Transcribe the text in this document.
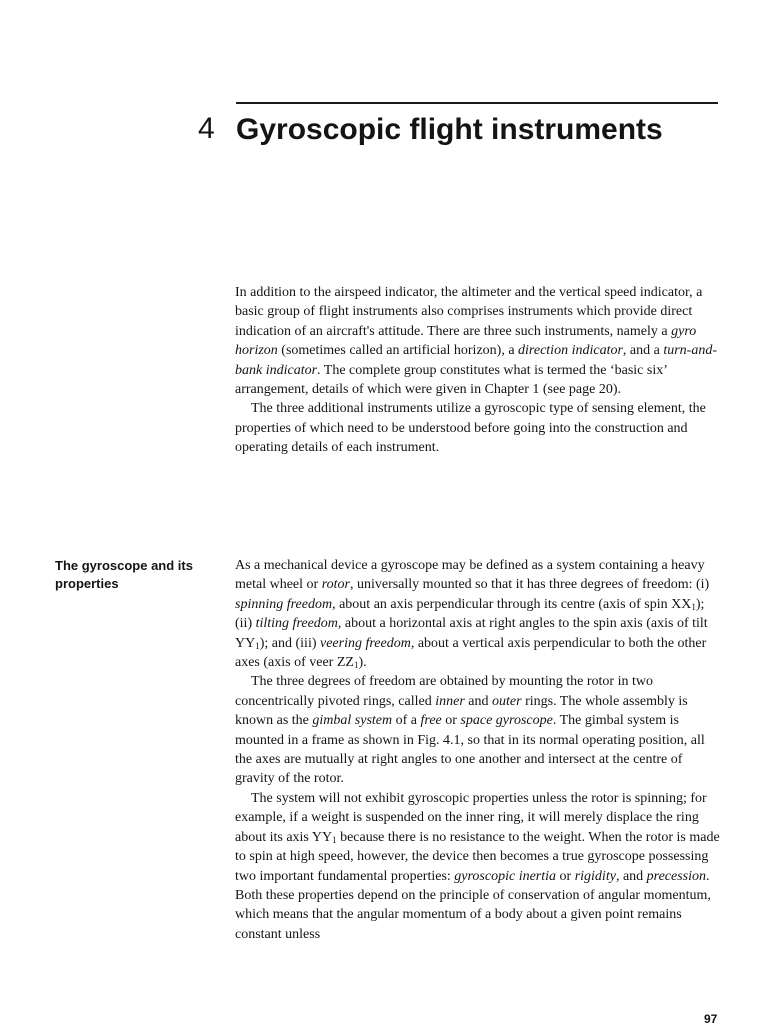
4 Gyroscopic flight instruments

In addition to the airspeed indicator, the altimeter and the vertical speed indicator, a basic group of flight instruments also comprises instruments which provide direct indication of an aircraft's attitude. There are three such instruments, namely a gyro horizon (sometimes called an artificial horizon), a direction indicator, and a turn-and-bank indicator. The complete group constitutes what is termed the ‘basic six’ arrangement, details of which were given in Chapter 1 (see page 20).

The three additional instruments utilize a gyroscopic type of sensing element, the properties of which need to be understood before going into the construction and operating details of each instrument.

The gyroscope and its properties

As a mechanical device a gyroscope may be defined as a system containing a heavy metal wheel or rotor, universally mounted so that it has three degrees of freedom: (i) spinning freedom, about an axis perpendicular through its centre (axis of spin $XX_1$); (ii) tilting freedom, about a horizontal axis at right angles to the spin axis (axis of tilt $YY_1$); and (iii) veering freedom, about a vertical axis perpendicular to both the other axes (axis of veer $ZZ_1$).

The three degrees of freedom are obtained by mounting the rotor in two concentrically pivoted rings, called inner and outer rings. The whole assembly is known as the gimbal system of a free or space gyroscope. The gimbal system is mounted in a frame as shown in Fig. 4.1, so that in its normal operating position, all the axes are mutually at right angles to one another and intersect at the centre of gravity of the rotor.

The system will not exhibit gyroscopic properties unless the rotor is spinning; for example, if a weight is suspended on the inner ring, it will merely displace the ring about its axis $YY_1$ because there is no resistance to the weight. When the rotor is made to spin at high speed, however, the device then becomes a true gyroscope possessing two important fundamental properties: gyroscopic inertia or rigidity, and precession. Both these properties depend on the principle of conservation of angular momentum, which means that the angular momentum of a body about a given point remains constant unless

97
